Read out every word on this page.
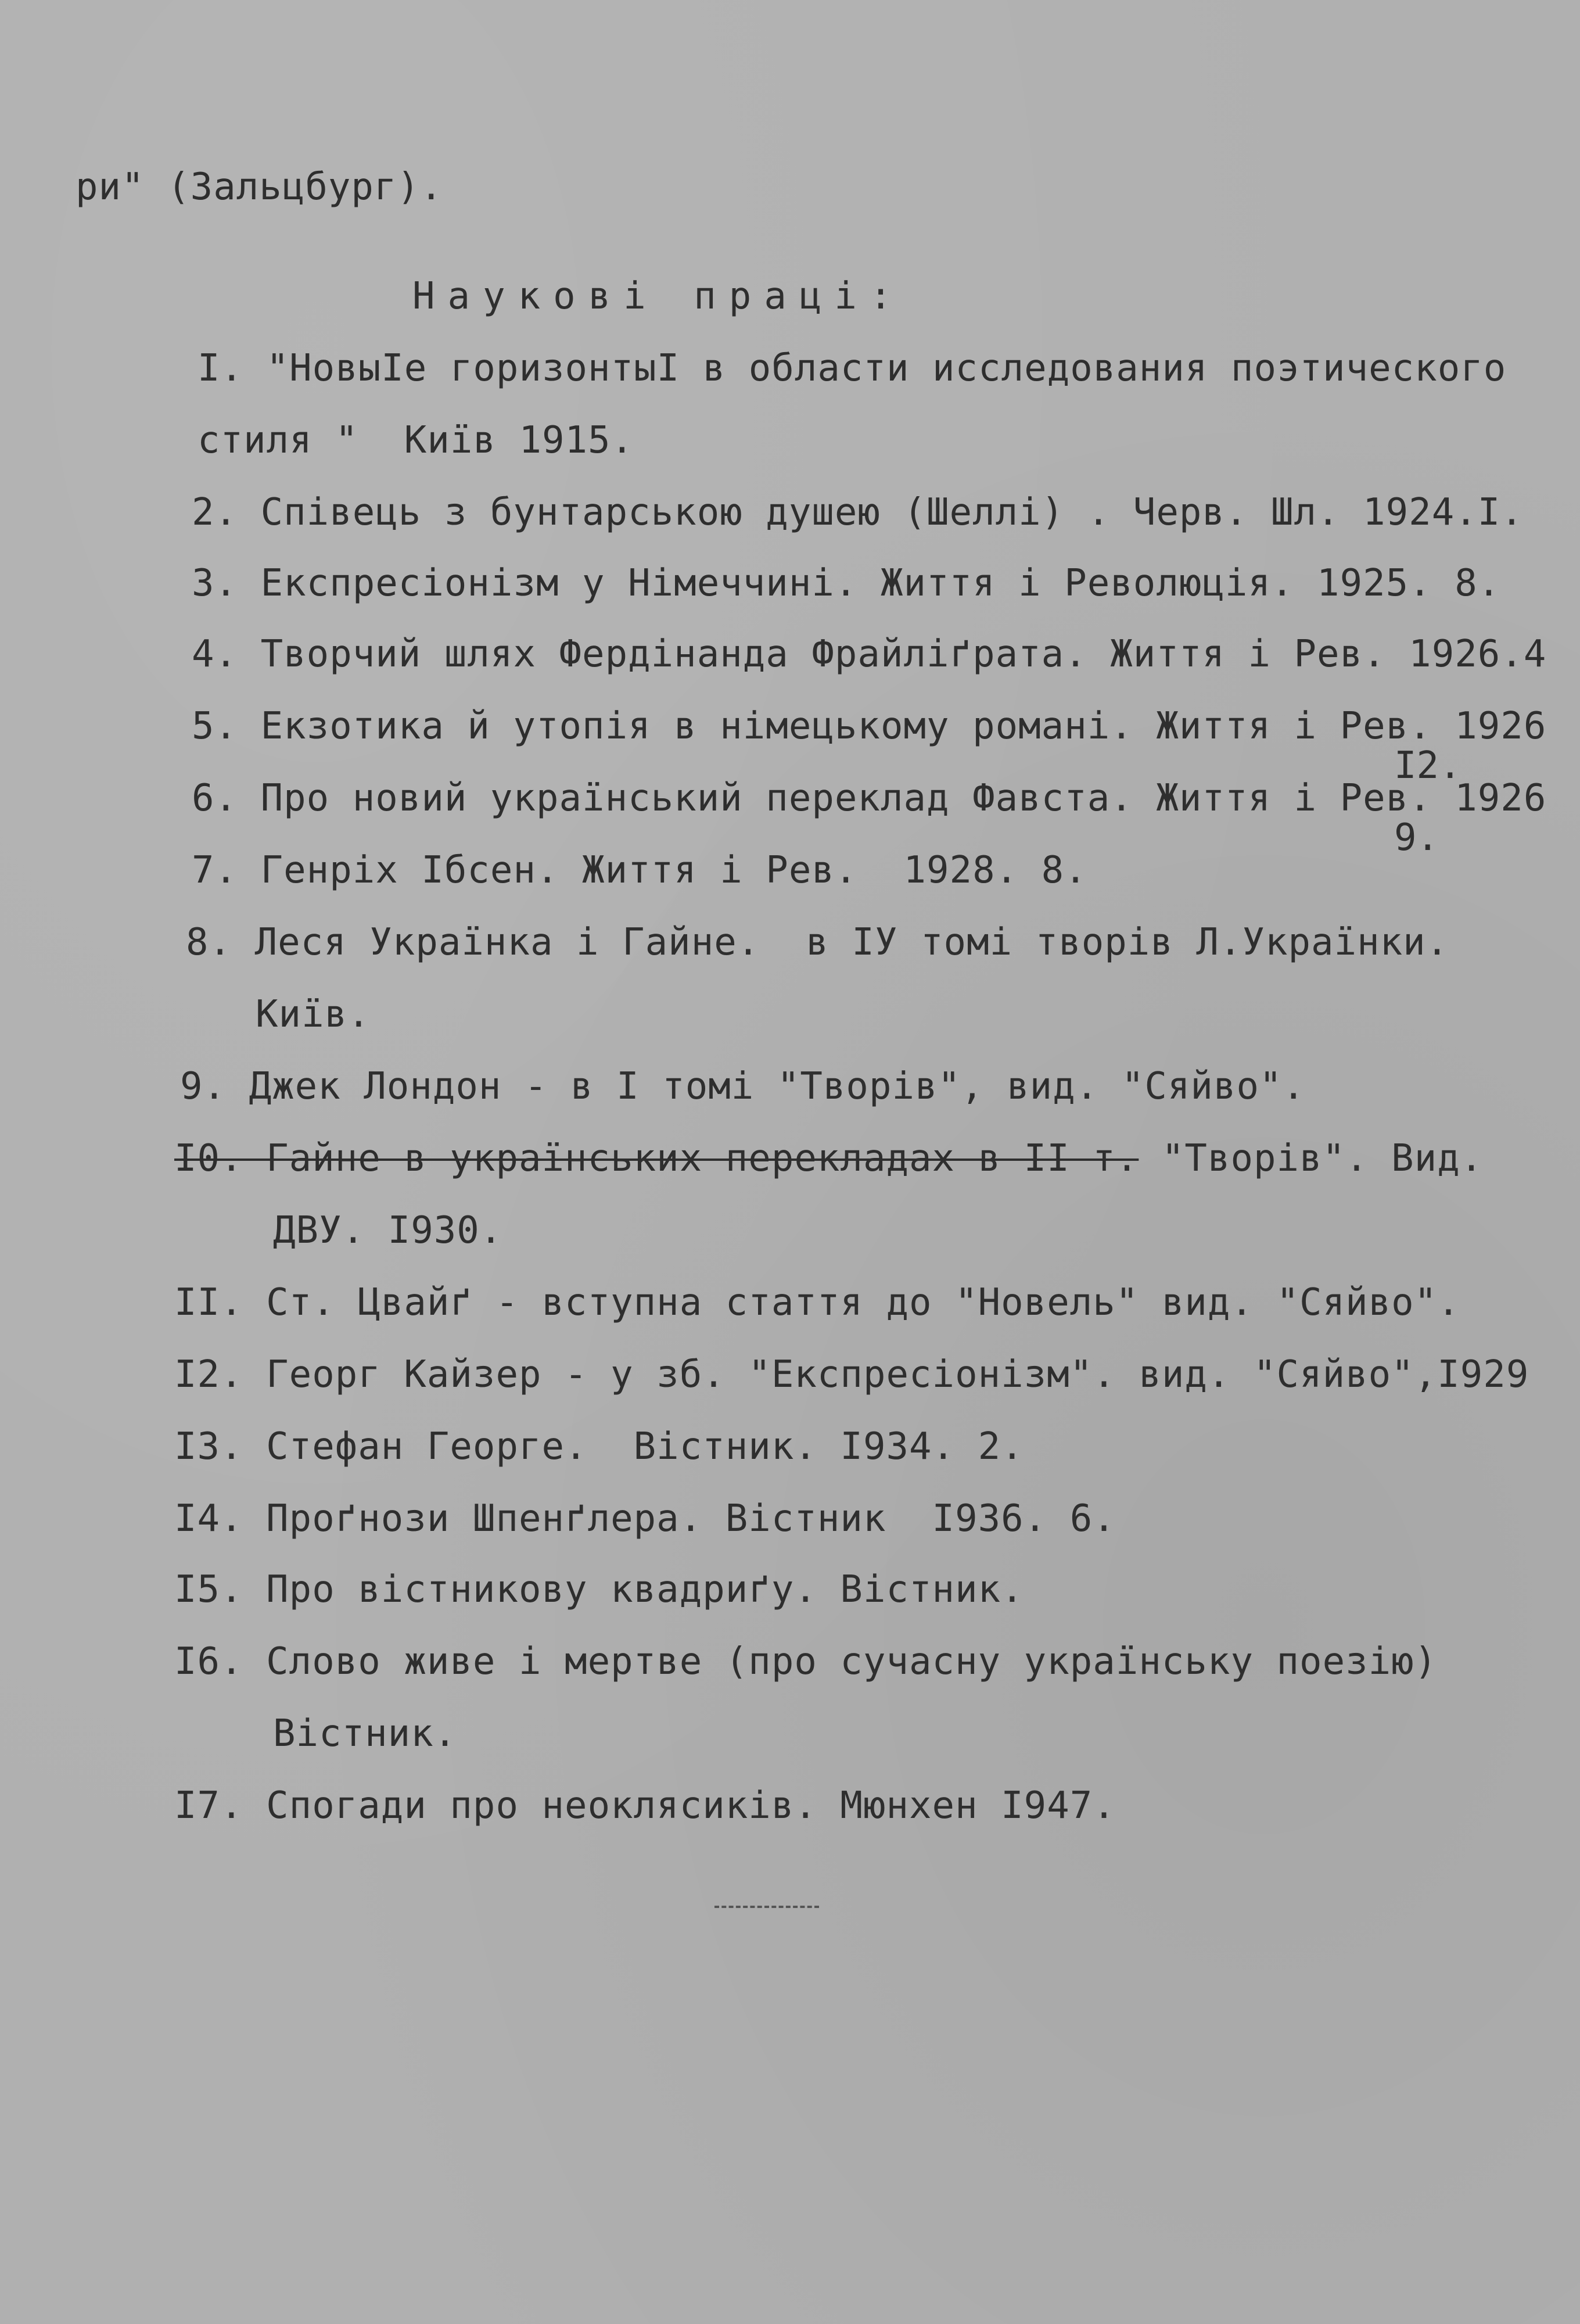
ри" (Зальцбург).
Наукові праці:
І. "НовыІе горизонтыІ в области исследования поэтического
стиля "  Київ 1915.
2. Співець з бунтарською душею (Шеллі) . Черв. Шл. 1924.І.
3. Експресіонізм у Німеччині. Життя і Революція. 1925. 8.
4. Творчий шлях Фердінанда Фрайліґрата. Життя і Рев. 1926.4
5. Екзотика й утопія в німецькому романі. Життя і Рев. 1926
І2.
6. Про новий український переклад Фавста. Життя і Рев. 1926
9.
7. Генріх Ібсен. Життя і Рев.  1928. 8.
8. Леся Українка і Гайне.  в ІУ томі творів Л.Українки.
Київ.
9. Джек Лондон - в І томі "Творів", вид. "Сяйво".
І0. Гайне в українських перекладах в ІІ т. "Творів". Вид.
ДВУ. І930.
ІІ. Ст. Цвайґ - вступна стаття до "Новель" вид. "Сяйво".
І2. Георг Кайзер - у зб. "Експресіонізм". вид. "Сяйво",І929
І3. Стефан Георге.  Вістник. І934. 2.
І4. Проґнози Шпенґлера. Вістник  І936. 6.
І5. Про вістникову квадриґу. Вістник.
І6. Слово живе і мертве (про сучасну українську поезію)
Вістник.
І7. Спогади про неоклясиків. Мюнхен І947.
